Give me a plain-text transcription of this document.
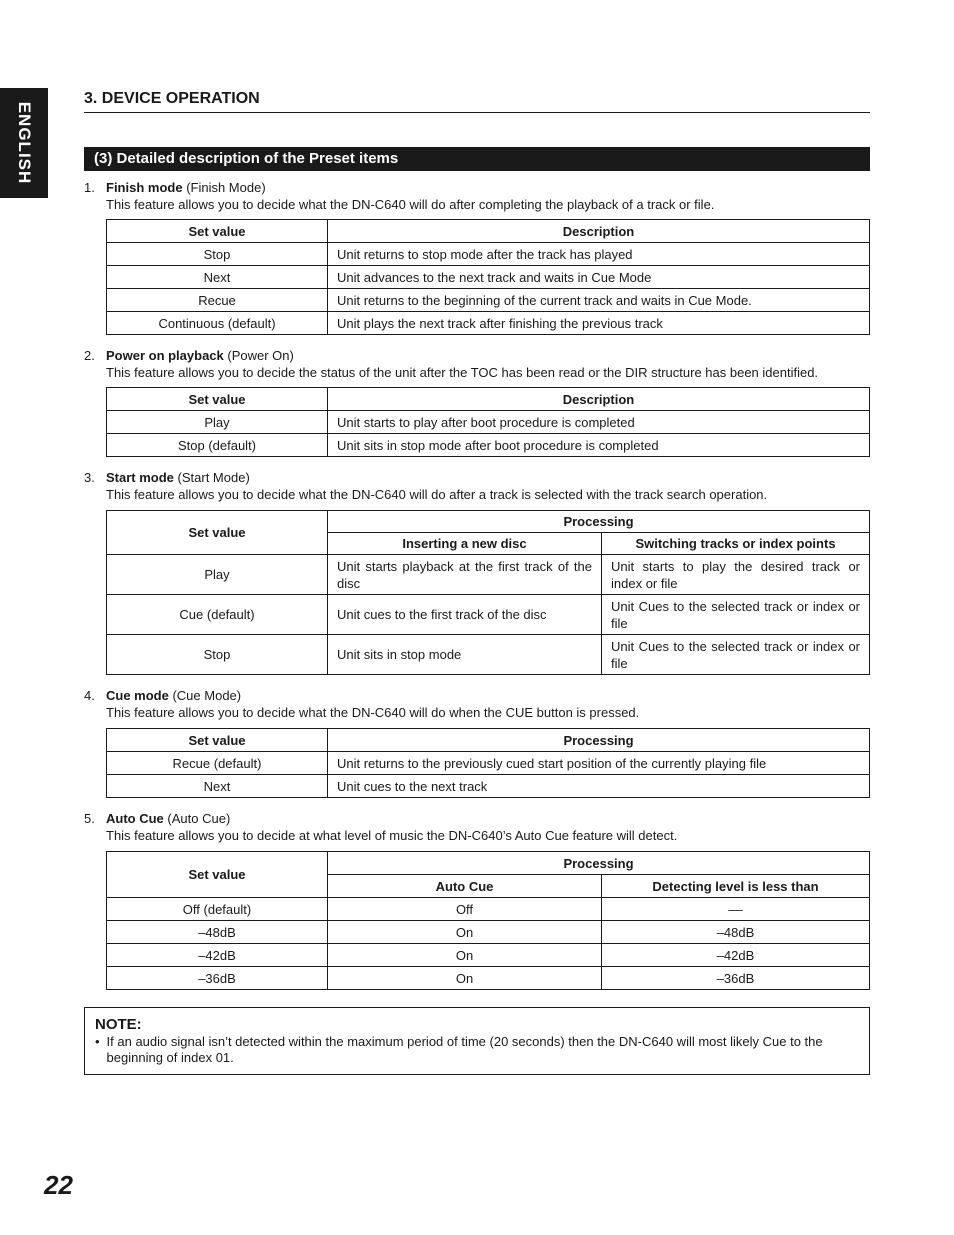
ENGLISH
3. DEVICE OPERATION
(3) Detailed description of the Preset items
1. Finish mode (Finish Mode)
This feature allows you to decide what the DN-C640 will do after completing the playback of a track or file.
Set value	Description
Stop	Unit returns to stop mode after the track has played
Next	Unit advances to the next track and waits in Cue Mode
Recue	Unit returns to the beginning of the current track and waits in Cue Mode.
Continuous (default)	Unit plays the next track after finishing the previous track
2. Power on playback (Power On)
This feature allows you to decide the status of the unit after the TOC has been read or the DIR structure has been identified.
Set value	Description
Play	Unit starts to play after boot procedure is completed
Stop (default)	Unit sits in stop mode after boot procedure is completed
3. Start mode (Start Mode)
This feature allows you to decide what the DN-C640 will do after a track is selected with the track search operation.
Set value	Processing	
	Inserting a new disc	Switching tracks or index points
Play	Unit starts playback at the first track of the disc	Unit starts to play the desired track or index or file
Cue (default)	Unit cues to the first track of the disc	Unit Cues to the selected track or index or file
Stop	Unit sits in stop mode	Unit Cues to the selected track or index or file
4. Cue mode (Cue Mode)
This feature allows you to decide what the DN-C640 will do when the CUE button is pressed.
Set value	Processing
Recue (default)	Unit returns to the previously cued start position of the currently playing file
Next	Unit cues to the next track
5. Auto Cue (Auto Cue)
This feature allows you to decide at what level of music the DN-C640’s Auto Cue feature will detect.
Set value	Processing	
	Auto Cue	Detecting level is less than
Off (default)	Off	––
–48dB	On	–48dB
–42dB	On	–42dB
–36dB	On	–36dB
NOTE:
• If an audio signal isn’t detected within the maximum period of time (20 seconds) then the DN-C640 will most likely Cue to the beginning of index 01.
22
